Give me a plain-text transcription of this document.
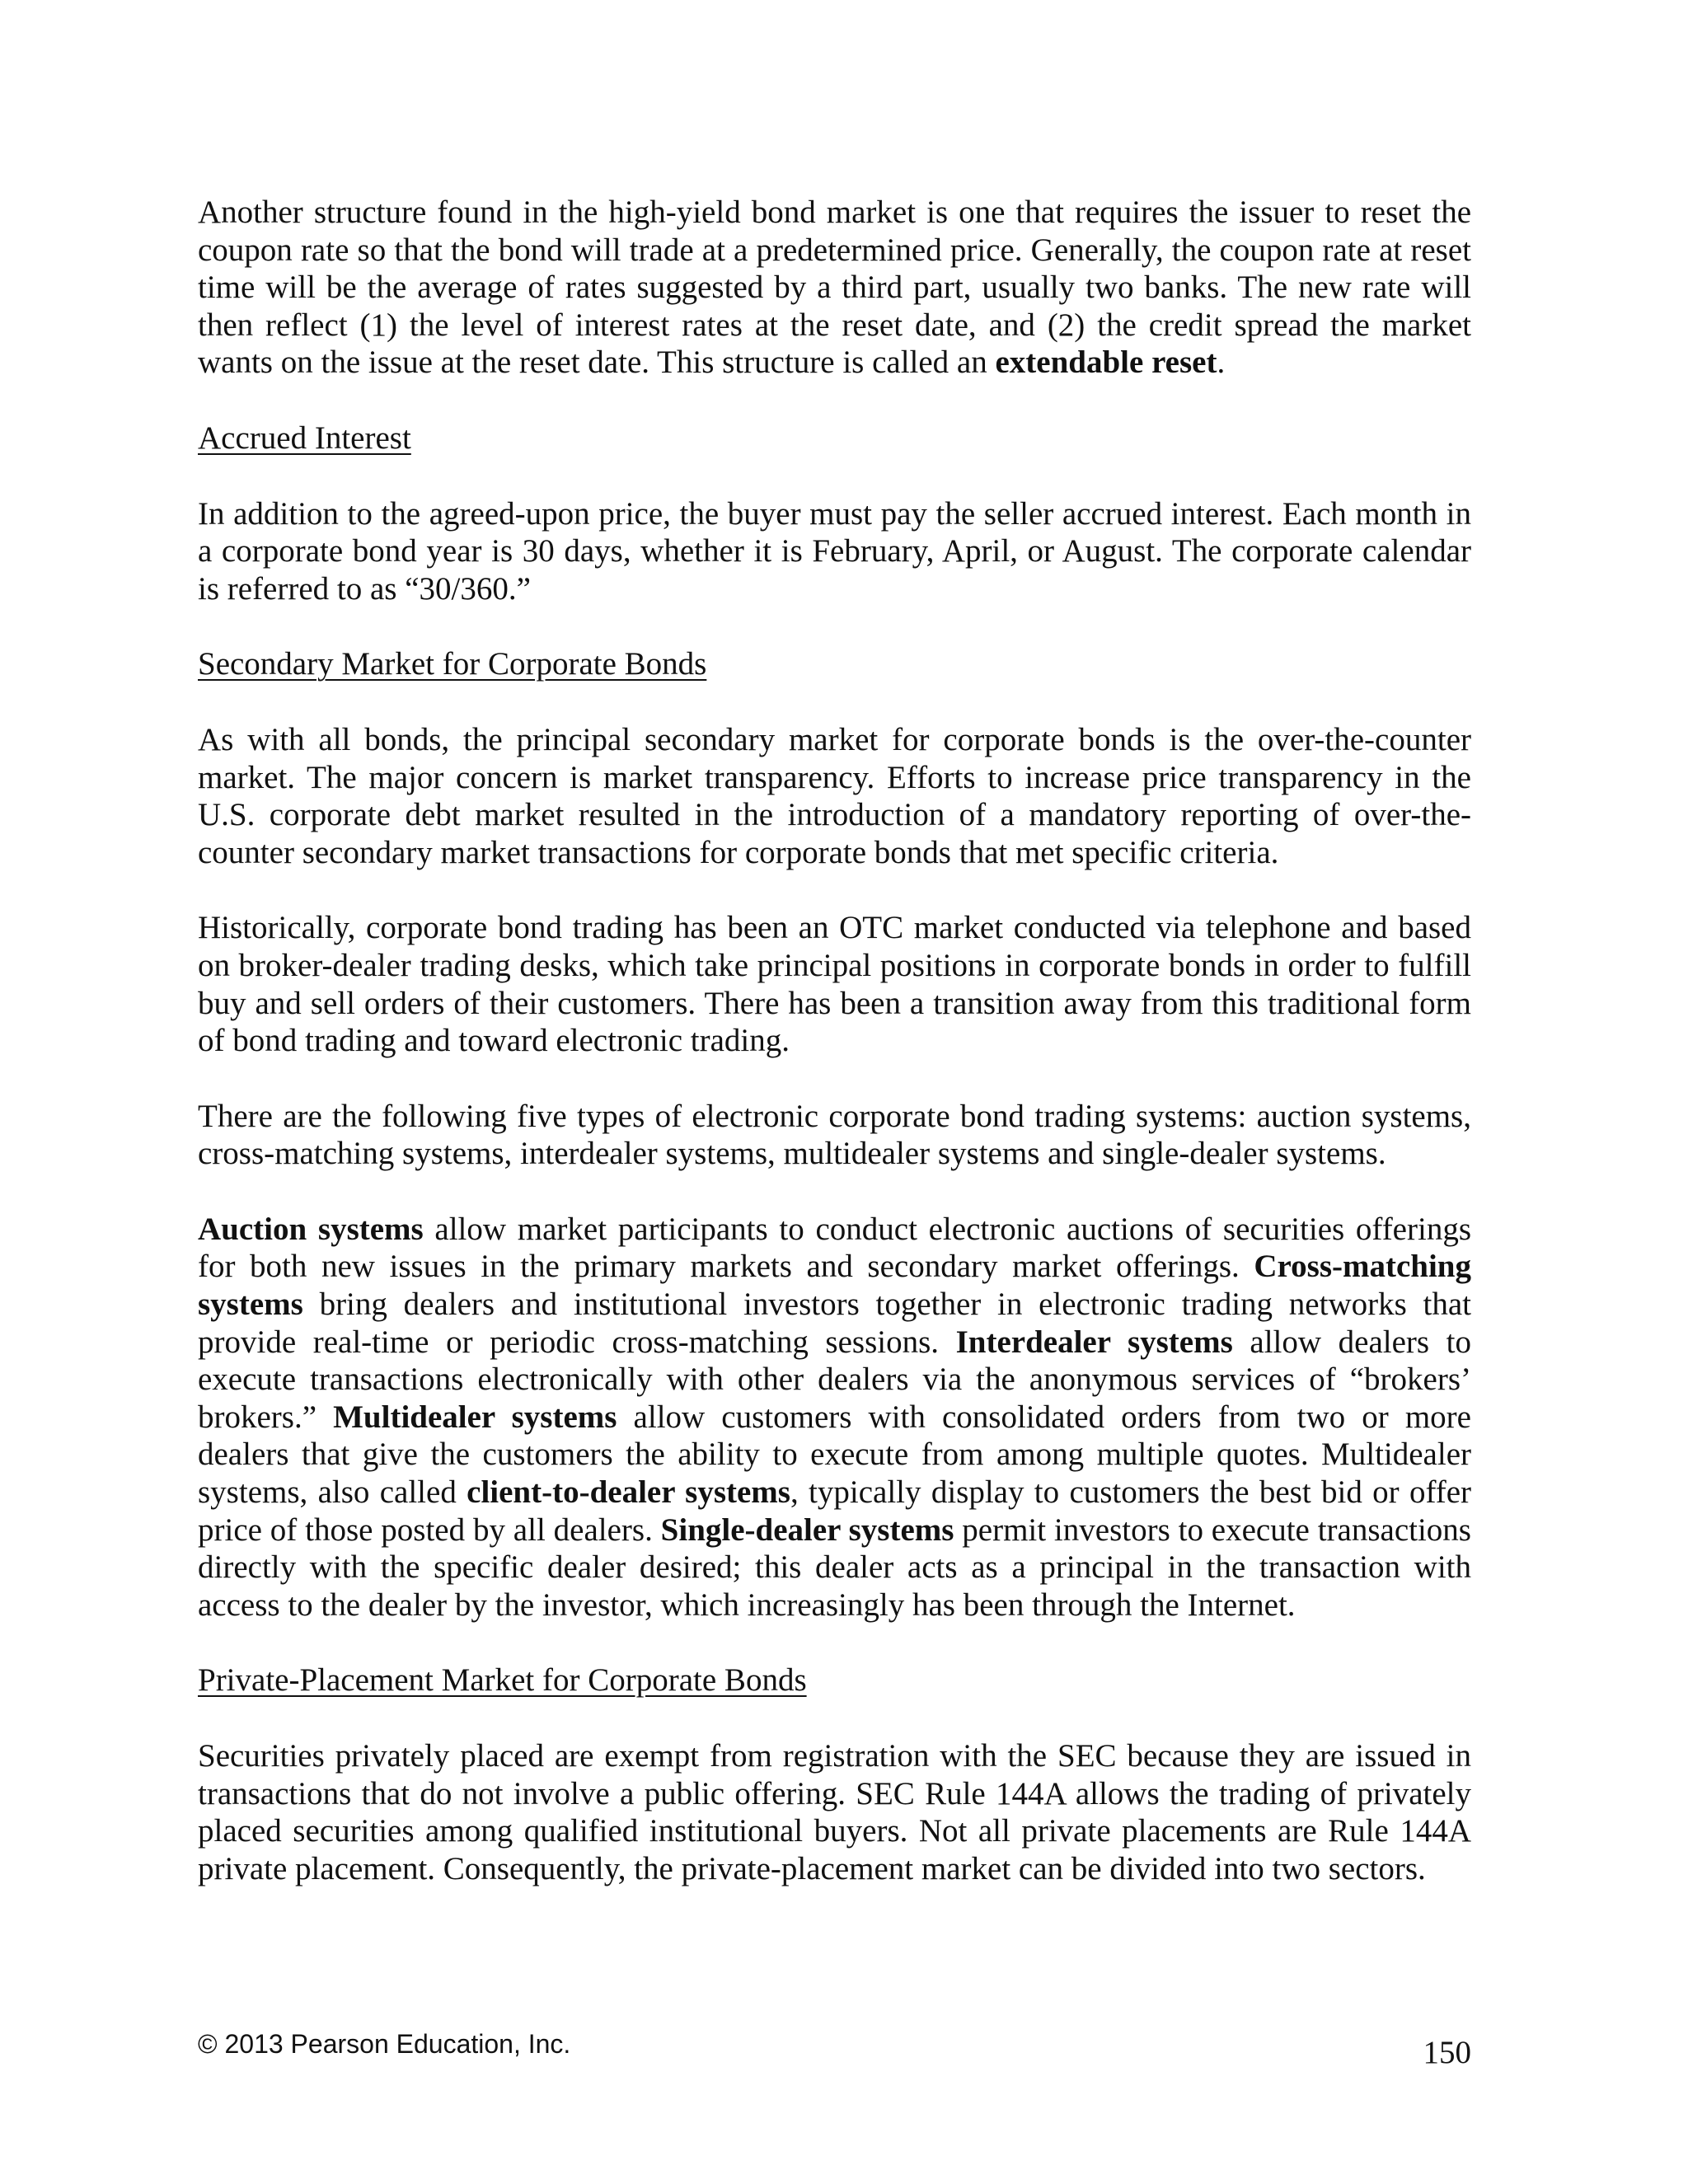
Another structure found in the high-yield bond market is one that requires the issuer to reset the coupon rate so that the bond will trade at a predetermined price. Generally, the coupon rate at reset time will be the average of rates suggested by a third part, usually two banks. The new rate will then reflect (1) the level of interest rates at the reset date, and (2) the credit spread the market wants on the issue at the reset date. This structure is called an extendable reset.

Accrued Interest

In addition to the agreed-upon price, the buyer must pay the seller accrued interest. Each month in a corporate bond year is 30 days, whether it is February, April, or August. The corporate calendar is referred to as “30/360.”

Secondary Market for Corporate Bonds

As with all bonds, the principal secondary market for corporate bonds is the over-the-counter market. The major concern is market transparency. Efforts to increase price transparency in the U.S. corporate debt market resulted in the introduction of a mandatory reporting of over-the-counter secondary market transactions for corporate bonds that met specific criteria.

Historically, corporate bond trading has been an OTC market conducted via telephone and based on broker-dealer trading desks, which take principal positions in corporate bonds in order to fulfill buy and sell orders of their customers. There has been a transition away from this traditional form of bond trading and toward electronic trading.

There are the following five types of electronic corporate bond trading systems: auction systems, cross-matching systems, interdealer systems, multidealer systems and single-dealer systems.

Auction systems allow market participants to conduct electronic auctions of securities offerings for both new issues in the primary markets and secondary market offerings. Cross-matching systems bring dealers and institutional investors together in electronic trading networks that provide real-time or periodic cross-matching sessions. Interdealer systems allow dealers to execute transactions electronically with other dealers via the anonymous services of “brokers’ brokers.” Multidealer systems allow customers with consolidated orders from two or more dealers that give the customers the ability to execute from among multiple quotes. Multidealer systems, also called client-to-dealer systems, typically display to customers the best bid or offer price of those posted by all dealers. Single-dealer systems permit investors to execute transactions directly with the specific dealer desired; this dealer acts as a principal in the transaction with access to the dealer by the investor, which increasingly has been through the Internet.

Private-Placement Market for Corporate Bonds

Securities privately placed are exempt from registration with the SEC because they are issued in transactions that do not involve a public offering. SEC Rule 144A allows the trading of privately placed securities among qualified institutional buyers. Not all private placements are Rule 144A private placement. Consequently, the private-placement market can be divided into two sectors.

© 2013 Pearson Education, Inc.	150
